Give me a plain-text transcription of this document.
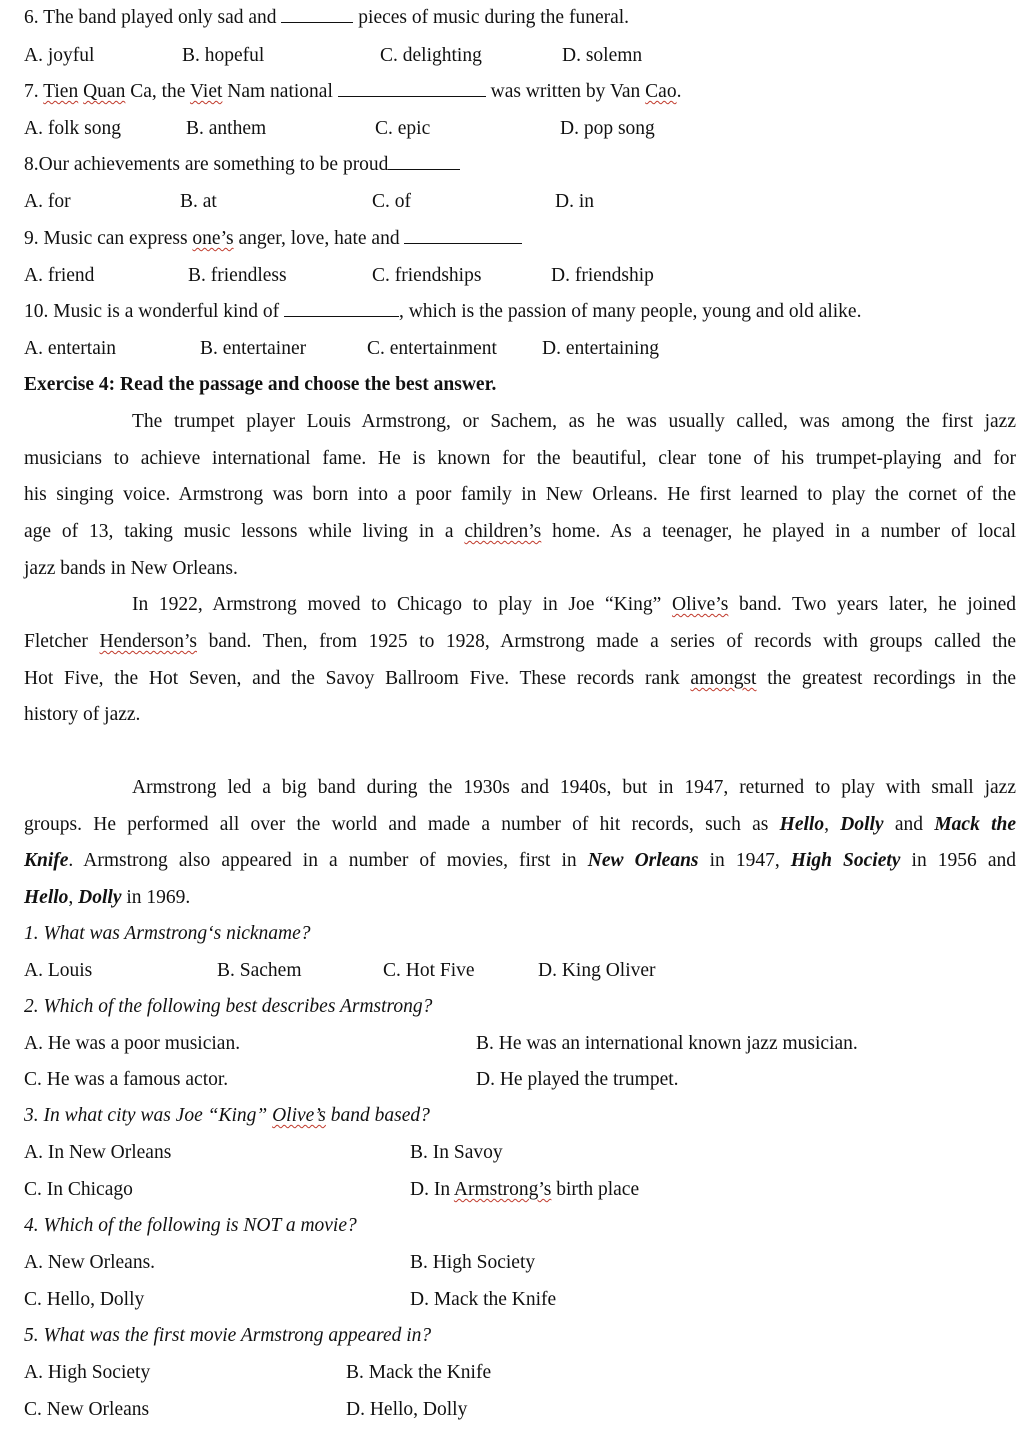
6. The band played only sad and	pieces of music during the funeral.
A. joyful	B. hopeful	C. delighting	D. solemn
7. Tien Quan Ca, the Viet Nam national	was written by Van Cao.
A. folk song	B. anthem	C. epic	D. pop song
8.Our achievements are something to be proud
A. for	B. at	C. of	D. in
9. Music can express one’s anger, love, hate and
A. friend	B. friendless	C. friendships	D. friendship
10. Music is a wonderful kind of	, which is the passion of many people, young and old alike.
A. entertain	B. entertainer	C. entertainment D. entertaining
Exercise 4: Read the passage and choose the best answer.
The trumpet player Louis Armstrong, or Sachem, as he was usually called, was among the first jazz
musicians to achieve international fame. He is known for the beautiful, clear tone of his trumpet-playing and for
his singing voice. Armstrong was born into a poor family in New Orleans. He first learned to play the cornet of the
age of 13, taking music lessons while living in a children’s home. As a teenager, he played in a number of local
jazz bands in New Orleans.
In 1922, Armstrong moved to Chicago to play in Joe “King” Olive’s band. Two years later, he joined
Fletcher Henderson’s band. Then, from 1925 to 1928, Armstrong made a series of records with groups called the
Hot Five, the Hot Seven, and the Savoy Ballroom Five. These records rank amongst the greatest recordings in the
history of jazz.
Armstrong led a big band during the 1930s and 1940s, but in 1947, returned to play with small jazz
groups. He performed all over the world and made a number of hit records, such as Hello, Dolly and Mack the
Knife. Armstrong also appeared in a number of movies, first in New Orleans in 1947, High Society in 1956 and
Hello, Dolly in 1969.
1. What was Armstrong‘s nickname?
A. Louis	B. Sachem	C. Hot Five	D. King Oliver
2. Which of the following best describes Armstrong?
A. He was a poor musician.	B. He was an international known jazz musician.
C. He was a famous actor.	D. He played the trumpet.
3. In what city was Joe “King” Olive’s band based?
A. In New Orleans	B. In Savoy
C. In Chicago	D. In Armstrong’s birth place
4. Which of the following is NOT a movie?
A. New Orleans.	B. High Society
C. Hello, Dolly	D. Mack the Knife
5. What was the first movie Armstrong appeared in?
A. High Society	B. Mack the Knife
C. New Orleans	D. Hello, Dolly
